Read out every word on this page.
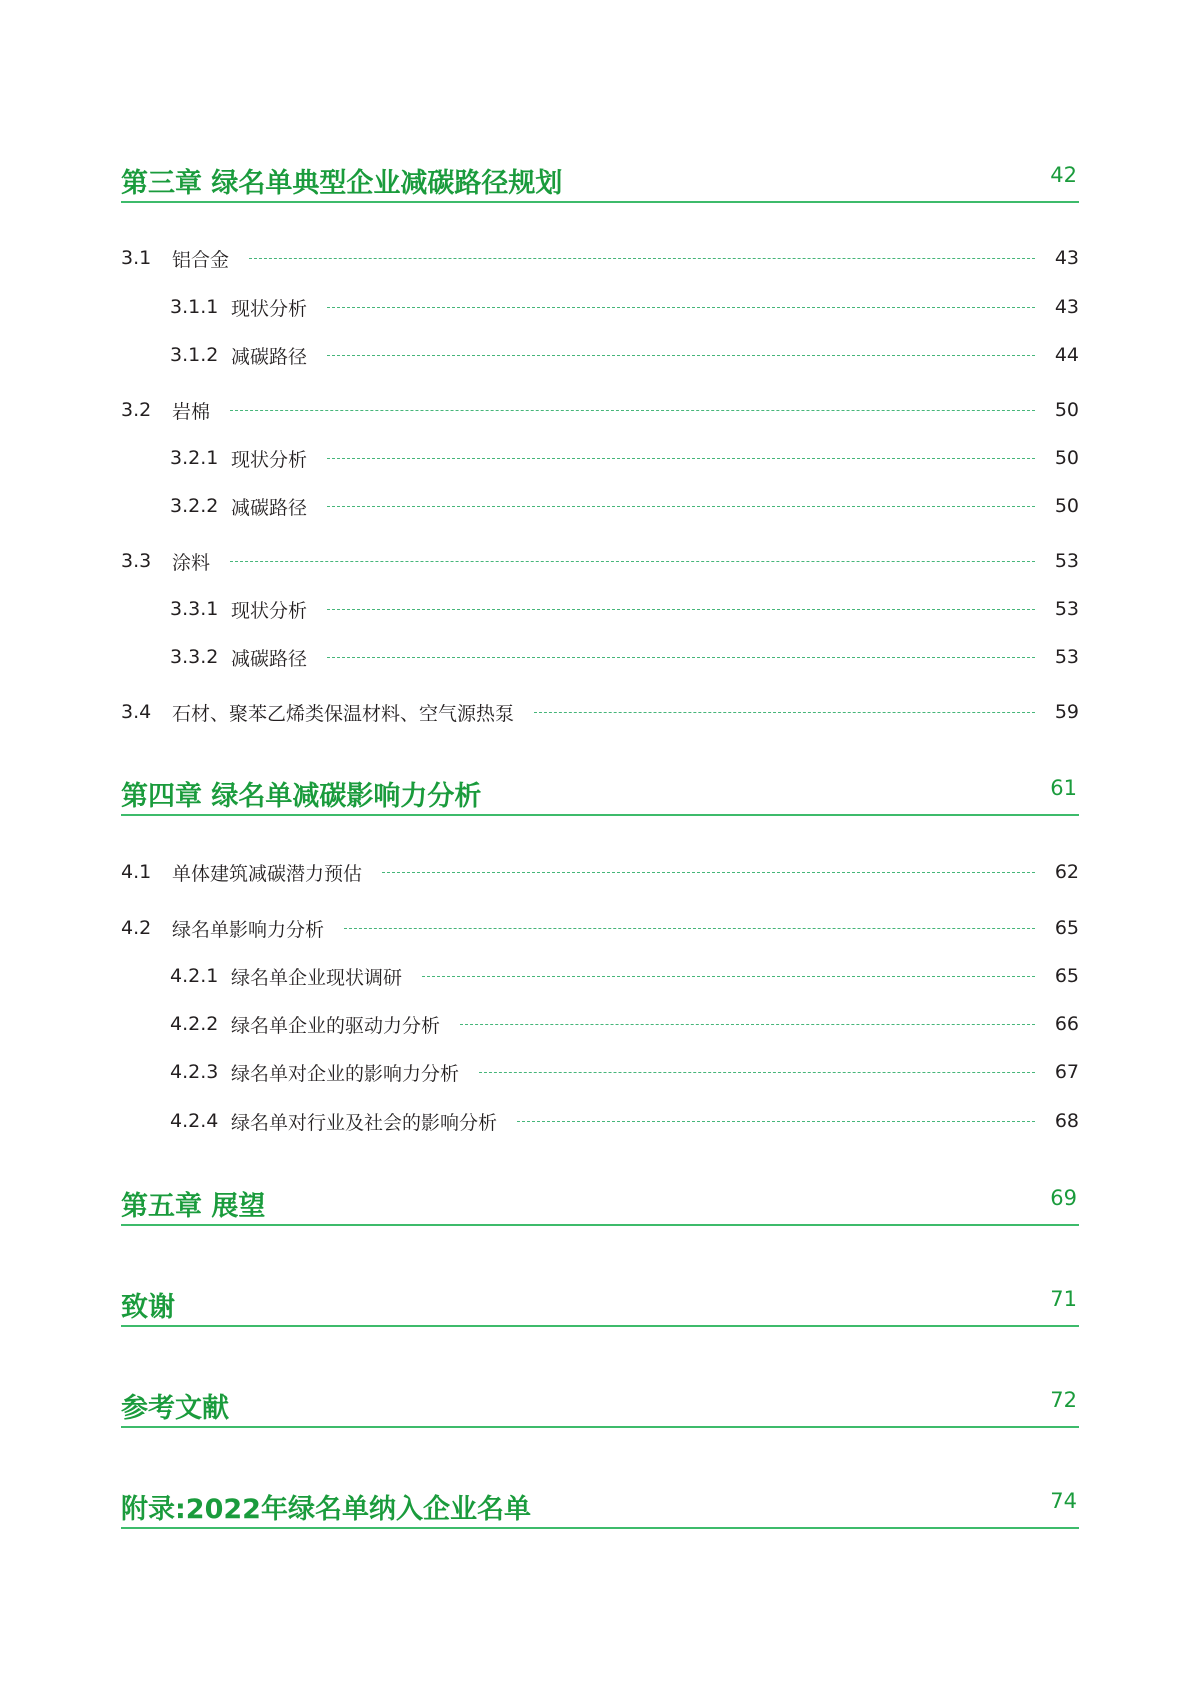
第三章 绿名单典型企业减碳路径规划	42
3.1	铝合金	43
3.1.1 现状分析	43
3.1.2 减碳路径	44
3.2	岩棉	50
3.2.1 现状分析	50
3.2.2 减碳路径	50
3.3	涂料	53
3.3.1 现状分析	53
3.3.2 减碳路径	53
3.4	石材、聚苯乙烯类保温材料、空气源热泵	59
第四章 绿名单减碳影响力分析	61
4.1	单体建筑减碳潜力预估	62
4.2	绿名单影响力分析	65
4.2.1 绿名单企业现状调研	65
4.2.2 绿名单企业的驱动力分析	66
4.2.3 绿名单对企业的影响力分析	67
4.2.4 绿名单对行业及社会的影响分析	68
第五章 展望	69
致谢	71
参考文献	72
附录:2022年绿名单纳入企业名单	74
